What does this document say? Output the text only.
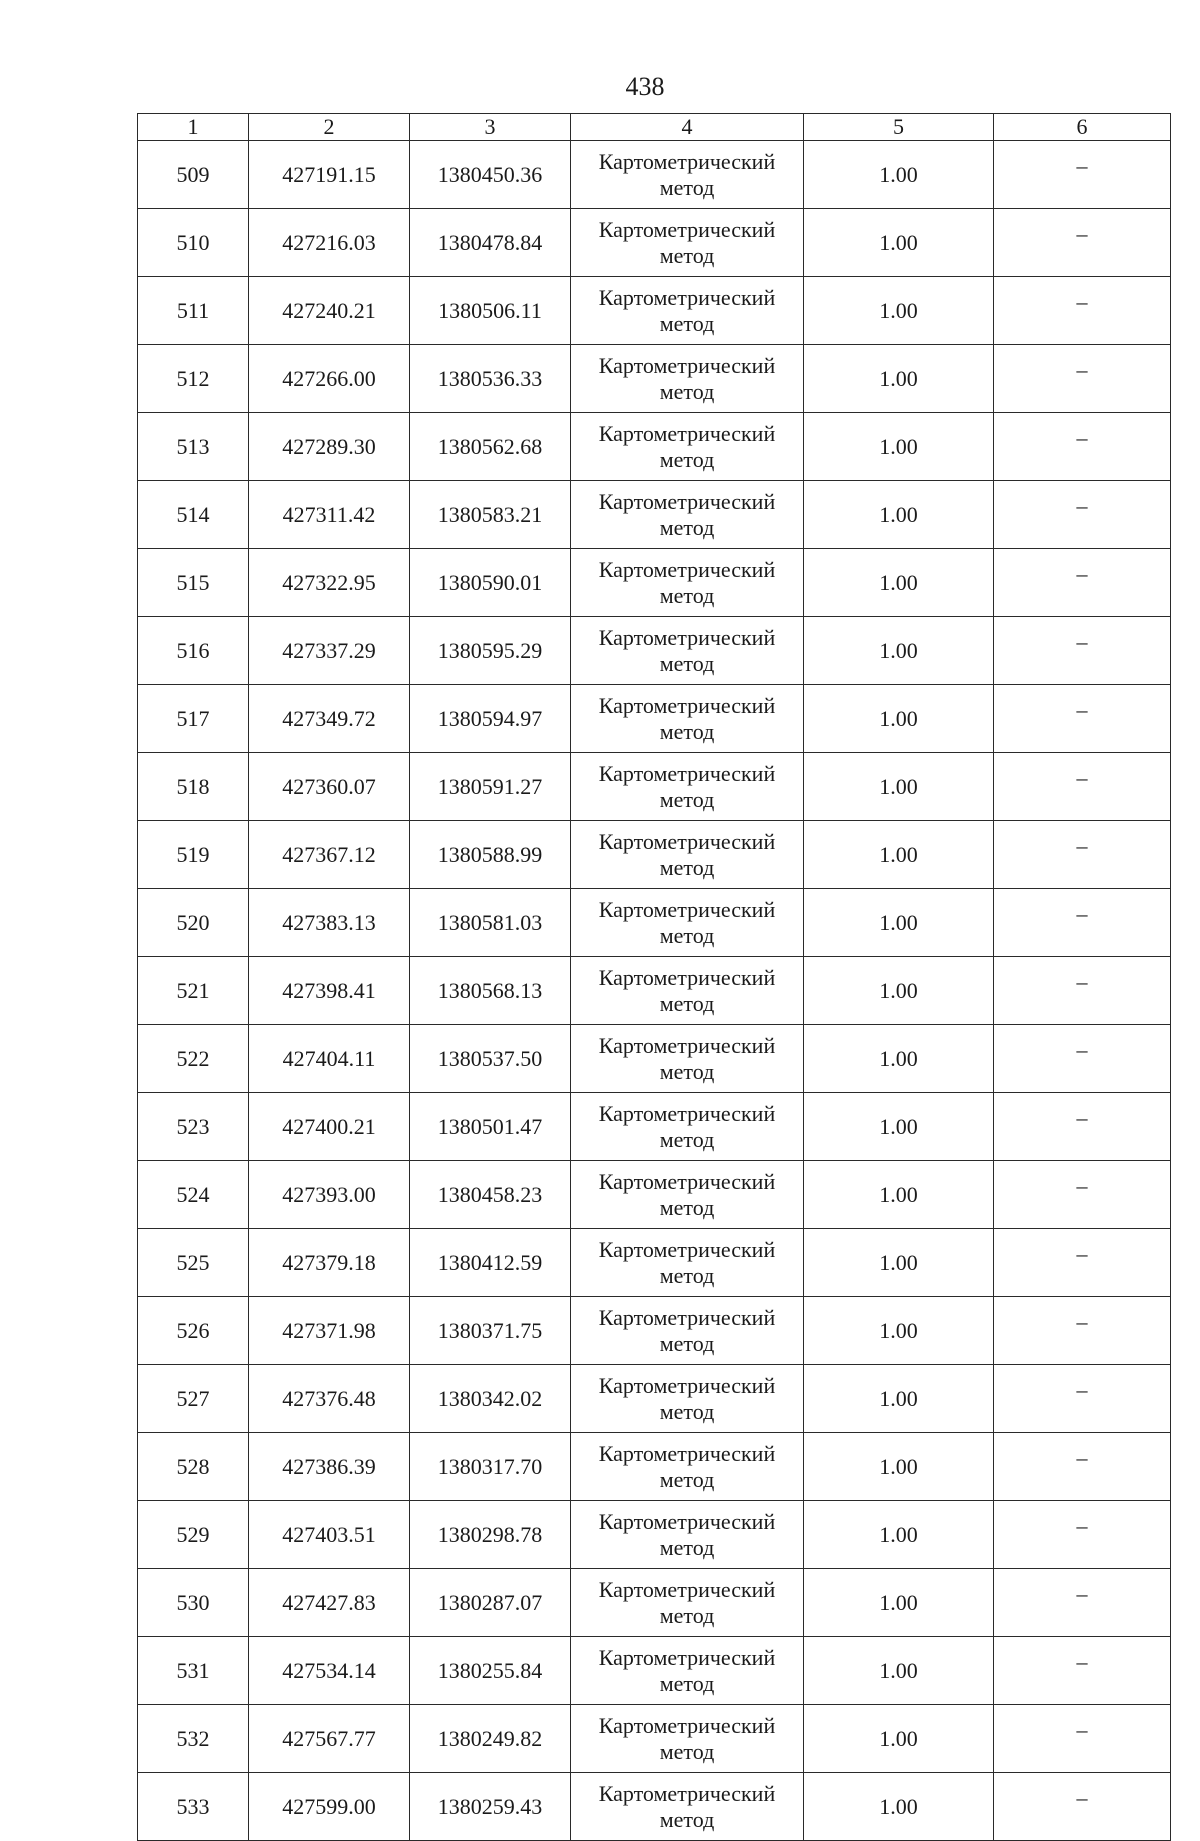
438
1	2	3	4	5	6
509	427191.15	1380450.36	Картометрический
метод	1.00	–
510	427216.03	1380478.84	Картометрический
метод	1.00	–
511	427240.21	1380506.11	Картометрический
метод	1.00	–
512	427266.00	1380536.33	Картометрический
метод	1.00	–
513	427289.30	1380562.68	Картометрический
метод	1.00	–
514	427311.42	1380583.21	Картометрический
метод	1.00	–
515	427322.95	1380590.01	Картометрический
метод	1.00	–
516	427337.29	1380595.29	Картометрический
метод	1.00	–
517	427349.72	1380594.97	Картометрический
метод	1.00	–
518	427360.07	1380591.27	Картометрический
метод	1.00	–
519	427367.12	1380588.99	Картометрический
метод	1.00	–
520	427383.13	1380581.03	Картометрический
метод	1.00	–
521	427398.41	1380568.13	Картометрический
метод	1.00	–
522	427404.11	1380537.50	Картометрический
метод	1.00	–
523	427400.21	1380501.47	Картометрический
метод	1.00	–
524	427393.00	1380458.23	Картометрический
метод	1.00	–
525	427379.18	1380412.59	Картометрический
метод	1.00	–
526	427371.98	1380371.75	Картометрический
метод	1.00	–
527	427376.48	1380342.02	Картометрический
метод	1.00	–
528	427386.39	1380317.70	Картометрический
метод	1.00	–
529	427403.51	1380298.78	Картометрический
метод	1.00	–
530	427427.83	1380287.07	Картометрический
метод	1.00	–
531	427534.14	1380255.84	Картометрический
метод	1.00	–
532	427567.77	1380249.82	Картометрический
метод	1.00	–
533	427599.00	1380259.43	Картометрический
метод	1.00	–
